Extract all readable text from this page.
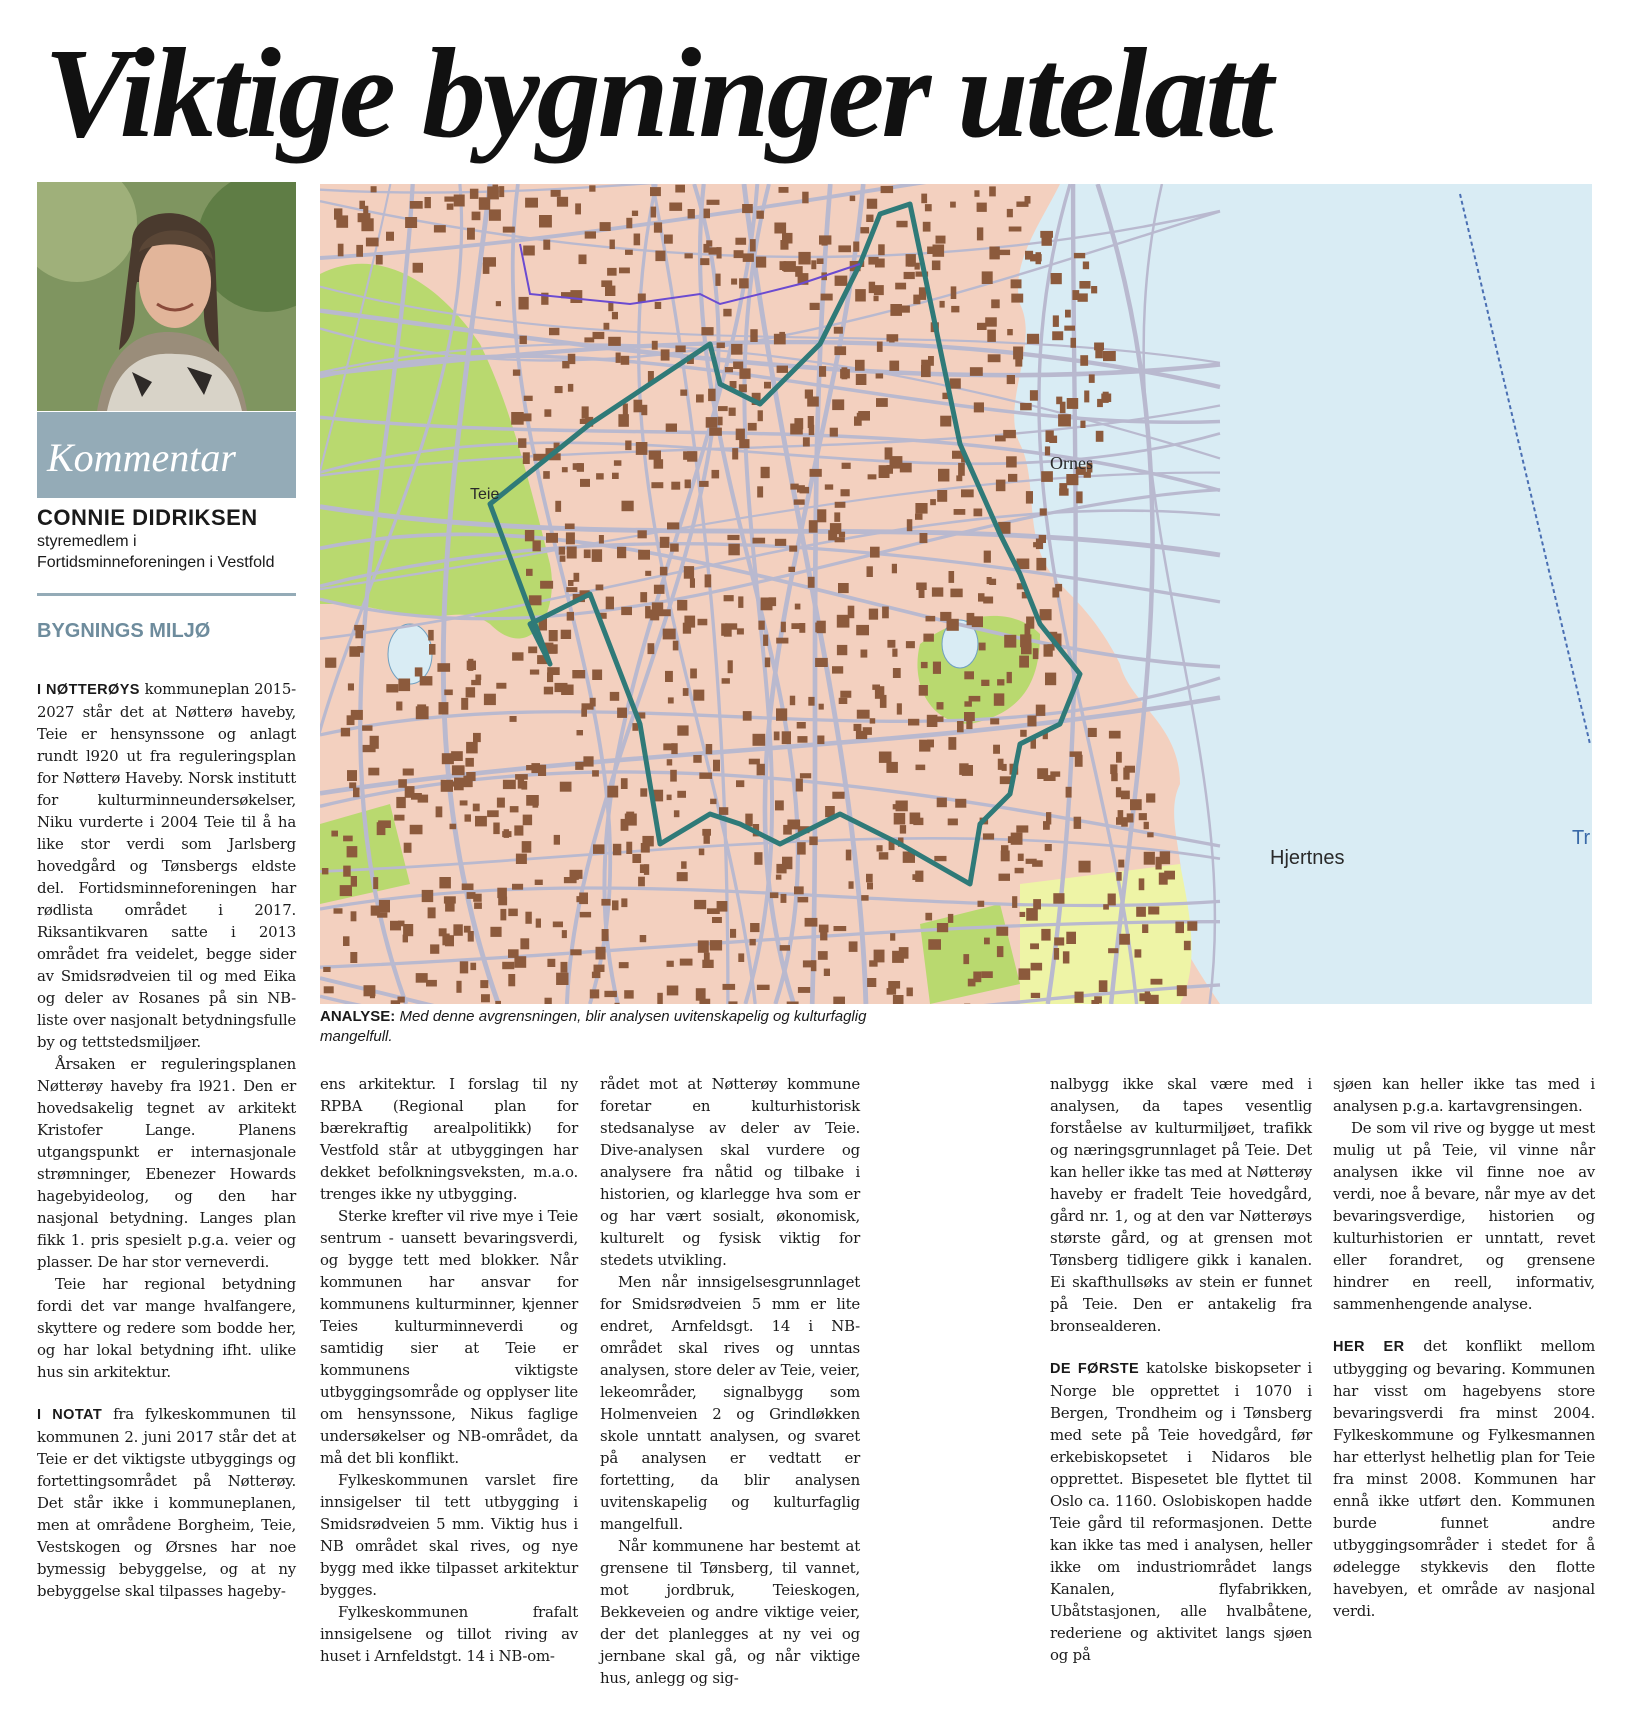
Viktige bygninger utelatt
Kommentar
CONNIE DIDRIKSEN
styremedlem i Fortidsminneforeningen i Vestfold
BYGNINGS MILJØ
Teie
Ornes
Hjertnes
Tr
ANALYSE: Med denne avgrensningen, blir analysen uvitenskapelig og kulturfaglig mangelfull.

I NØTTERØYS kommuneplan 2015-2027 står det at Nøtterø haveby, Teie er hensynssone og anlagt rundt l920 ut fra reguleringsplan for Nøtterø Haveby. Norsk institutt for kulturminneundersøkelser, Niku vurderte i 2004 Teie til å ha like stor verdi som Jarlsberg hovedgård og Tønsbergs eldste del. Fortidsminneforeningen har rødlista området i 2017. Riksantikvaren satte i 2013 området fra veidelet, begge sider av Smidsrødveien til og med Eika og deler av Rosanes på sin NB-liste over nasjonalt betydningsfulle by og tettstedsmiljøer.

Årsaken er reguleringsplanen Nøtterøy haveby fra l921. Den er hovedsakelig tegnet av arkitekt Kristofer Lange. Planens utgangspunkt er internasjonale strømninger, Ebenezer Howards hagebyideolog, og den har nasjonal betydning. Langes plan fikk 1. pris spesielt p.g.a. veier og plasser. De har stor verneverdi.

Teie har regional betydning fordi det var mange hvalfangere, skyttere og redere som bodde her, og har lokal betydning ifht. ulike hus sin arkitektur.

I NOTAT fra fylkeskommunen til kommunen 2. juni 2017 står det at Teie er det viktigste utbyggings og fortettingsområdet på Nøtterøy. Det står ikke i kommuneplanen, men at områdene Borgheim, Teie, Vestskogen og Ørsnes har noe bymessig bebyggelse, og at ny bebyggelse skal tilpasses hageby-

ens arkitektur. I forslag til ny RPBA (Regional plan for bærekraftig arealpolitikk) for Vestfold står at utbyggingen har dekket befolkningsveksten, m.a.o. trenges ikke ny utbygging.

Sterke krefter vil rive mye i Teie sentrum - uansett bevaringsverdi, og bygge tett med blokker. Når kommunen har ansvar for kommunens kulturminner, kjenner Teies kulturminneverdi og samtidig sier at Teie er kommunens viktigste utbyggingsområde og opplyser lite om hensynssone, Nikus faglige undersøkelser og NB-området, da må det bli konflikt.

Fylkeskommunen varslet fire innsigelser til tett utbygging i Smidsrødveien 5 mm. Viktig hus i NB området skal rives, og nye bygg med ikke tilpasset arkitektur bygges.

Fylkeskommunen frafalt innsigelsene og tillot riving av huset i Arnfeldstgt. 14 i NB-om-

rådet mot at Nøtterøy kommune foretar en kulturhistorisk stedsanalyse av deler av Teie. Dive-analysen skal vurdere og analysere fra nåtid og tilbake i historien, og klarlegge hva som er og har vært sosialt, økonomisk, kulturelt og fysisk viktig for stedets utvikling.

Men når innsigelsesgrunnlaget for Smidsrødveien 5 mm er lite endret, Arnfeldsgt. 14 i NB-området skal rives og unntas analysen, store deler av Teie, veier, lekeområder, signalbygg som Holmenveien 2 og Grindløkken skole unntatt analysen, og svaret på analysen er vedtatt er fortetting, da blir analysen uvitenskapelig og kulturfaglig mangelfull.

Når kommunene har bestemt at grensene til Tønsberg, til vannet, mot jordbruk, Teieskogen, Bekkeveien og andre viktige veier, der det planlegges at ny vei og jernbane skal gå, og når viktige hus, anlegg og sig-

nalbygg ikke skal være med i analysen, da tapes vesentlig forståelse av kulturmiljøet, trafikk og næringsgrunnlaget på Teie. Det kan heller ikke tas med at Nøtterøy haveby er fradelt Teie hovedgård, gård nr. 1, og at den var Nøtterøys største gård, og at grensen mot Tønsberg tidligere gikk i kanalen. Ei skafthullsøks av stein er funnet på Teie. Den er antakelig fra bronsealderen.

DE FØRSTE katolske biskopseter i Norge ble opprettet i 1070 i Bergen, Trondheim og i Tønsberg med sete på Teie hovedgård, før erkebiskopsetet i Nidaros ble opprettet. Bispesetet ble flyttet til Oslo ca. 1160. Oslobiskopen hadde Teie gård til reformasjonen. Dette kan ikke tas med i analysen, heller ikke om industriområdet langs Kanalen, flyfabrikken, Ubåtstasjonen, alle hvalbåtene, rederiene og aktivitet langs sjøen og på

sjøen kan heller ikke tas med i analysen p.g.a. kartavgrensingen.

De som vil rive og bygge ut mest mulig ut på Teie, vil vinne når analysen ikke vil finne noe av verdi, noe å bevare, når mye av det bevaringsverdige, historien og kulturhistorien er unntatt, revet eller forandret, og grensene hindrer en reell, informativ, sammenhengende analyse.

HER ER det konflikt mellom utbygging og bevaring. Kommunen har visst om hagebyens store bevaringsverdi fra minst 2004. Fylkeskommune og Fylkesmannen har etterlyst helhetlig plan for Teie fra minst 2008. Kommunen har ennå ikke utført den. Kommunen burde funnet andre utbyggingsområder i stedet for å ødelegge stykkevis den flotte havebyen, et område av nasjonal verdi.
